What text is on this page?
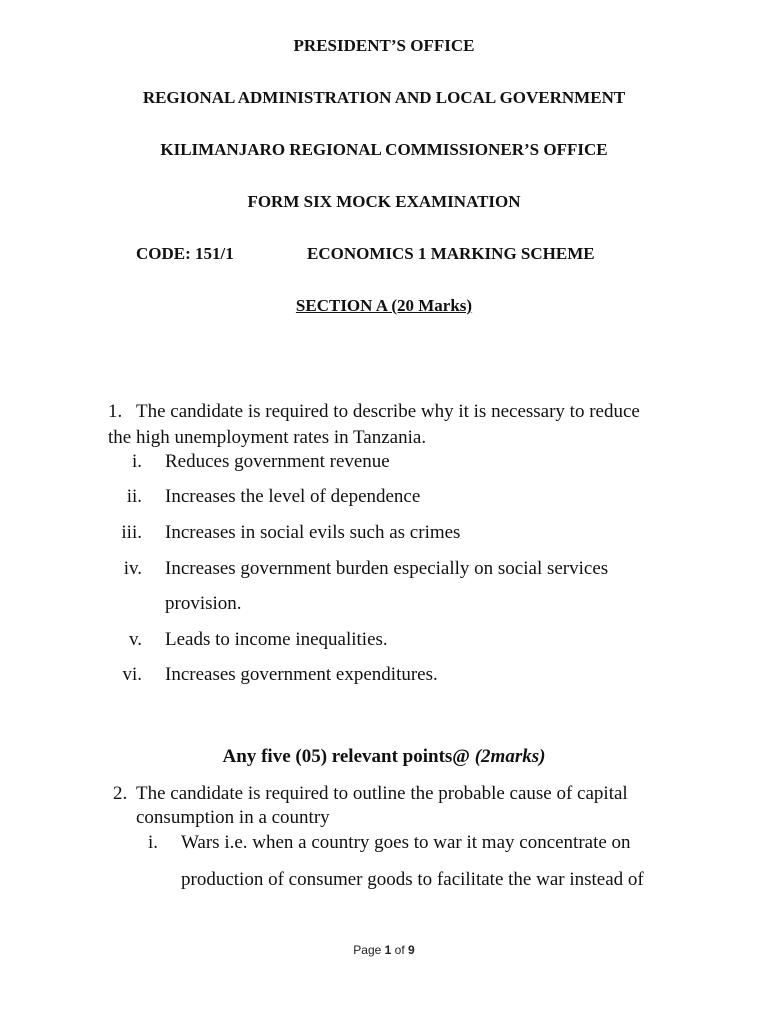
PRESIDENT’S OFFICE
REGIONAL ADMINISTRATION AND LOCAL GOVERNMENT
KILIMANJARO REGIONAL COMMISSIONER’S OFFICE
FORM SIX MOCK EXAMINATION
CODE: 151/1	ECONOMICS 1 MARKING SCHEME
SECTION A (20 Marks)
1. The candidate is required to describe why it is necessary to reduce
the high unemployment rates in Tanzania.
i. Reduces government revenue
ii. Increases the level of dependence
iii. Increases in social evils such as crimes
iv. Increases government burden especially on social services
provision.
v. Leads to income inequalities.
vi. Increases government expenditures.
Any five (05) relevant points@ (2marks)
2. The candidate is required to outline the probable cause of capital
consumption in a country
i. Wars i.e. when a country goes to war it may concentrate on
production of consumer goods to facilitate the war instead of
Page 1 of 9
